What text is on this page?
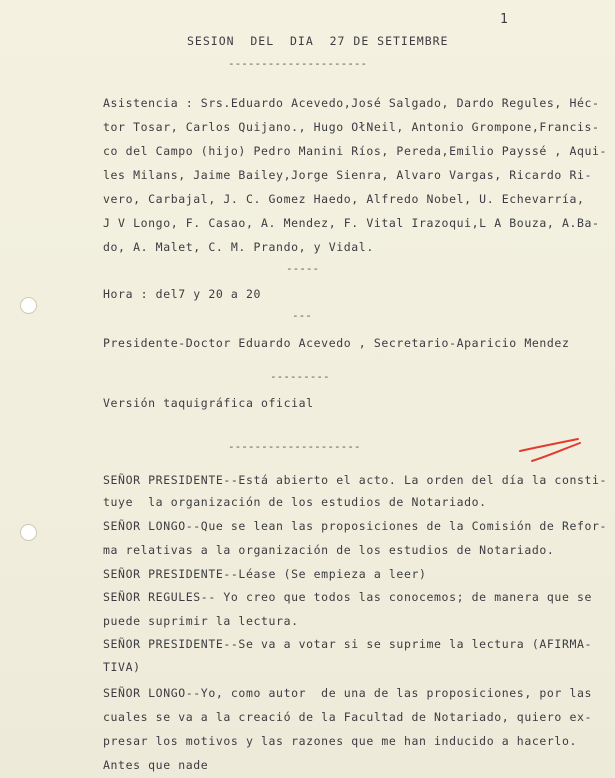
1
SESION  DEL  DIA  27 DE SETIEMBRE
---------------------
Asistencia : Srs.Eduardo Acevedo,José Salgado, Dardo Regules, Héc-
tor Tosar, Carlos Quijano., Hugo OłNeil, Antonio Grompone,Francis-
co del Campo (hijo) Pedro Manini Ríos, Pereda,Emilio Payssé , Aqui-
les Milans, Jaime Bailey,Jorge Sienra, Alvaro Vargas, Ricardo Ri-
vero, Carbajal, J. C. Gomez Haedo, Alfredo Nobel, U. Echevarría,
J V Longo, F. Casao, A. Mendez, F. Vital Irazoqui,L A Bouza, A.Ba-
do, A. Malet, C. M. Prando, y Vidal.
-----
Hora : del7 y 20 a 20
---
Presidente-Doctor Eduardo Acevedo , Secretario-Aparicio Mendez
---------
Versión taquigráfica oficial
--------------------
SEÑOR PRESIDENTE--Está abierto el acto. La orden del día la consti-
tuye  la organización de los estudios de Notariado.
SEÑOR LONGO--Que se lean las proposiciones de la Comisión de Refor-
ma relativas a la organización de los estudios de Notariado.
SEÑOR PRESIDENTE--Léase (Se empieza a leer)
SEÑOR REGULES-- Yo creo que todos las conocemos; de manera que se
puede suprimir la lectura.
SEÑOR PRESIDENTE--Se va a votar si se suprime la lectura (AFIRMA-
TIVA)
SEÑOR LONGO--Yo, como autor  de una de las proposiciones, por las
cuales se va a la creació de la Facultad de Notariado, quiero ex-
presar los motivos y las razones que me han inducido a hacerlo.
Antes que nade
